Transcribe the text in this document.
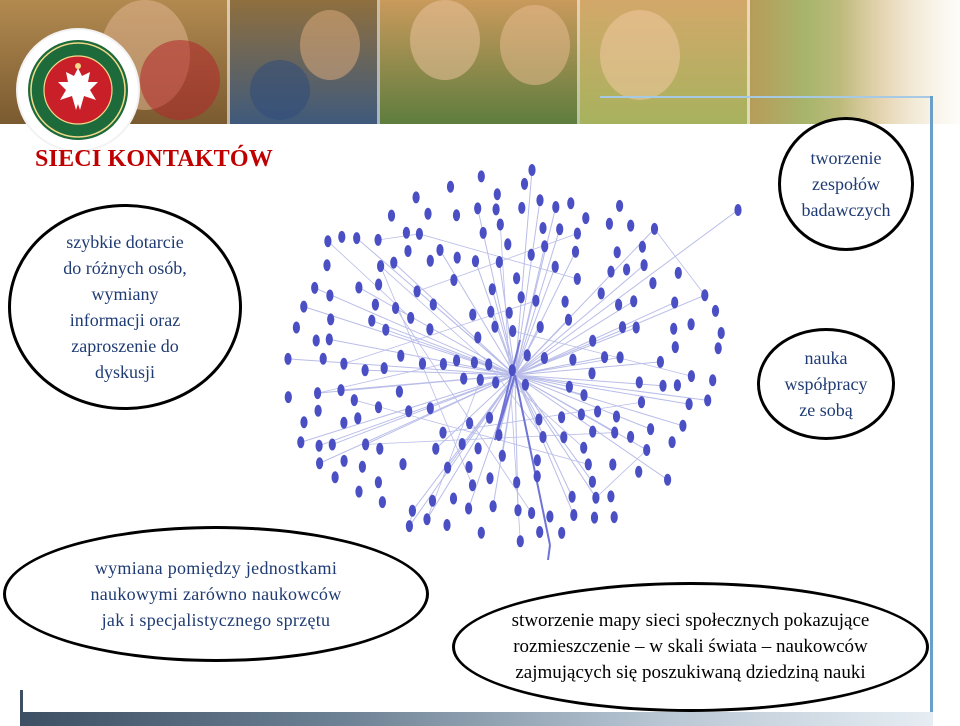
SIECI KONTAKTÓW
szybkie dotarcie
do różnych osób,
wymiany
informacji oraz
zaproszenie do
dyskusji
tworzenie
zespołów
badawczych
nauka
współpracy
ze sobą
wymiana pomiędzy jednostkami
naukowymi zarówno naukowców
jak i specjalistycznego sprzętu	stworzenie mapy sieci społecznych pokazujące
rozmieszczenie – w skali świata – naukowców
zajmujących się poszukiwaną dziedziną nauki
